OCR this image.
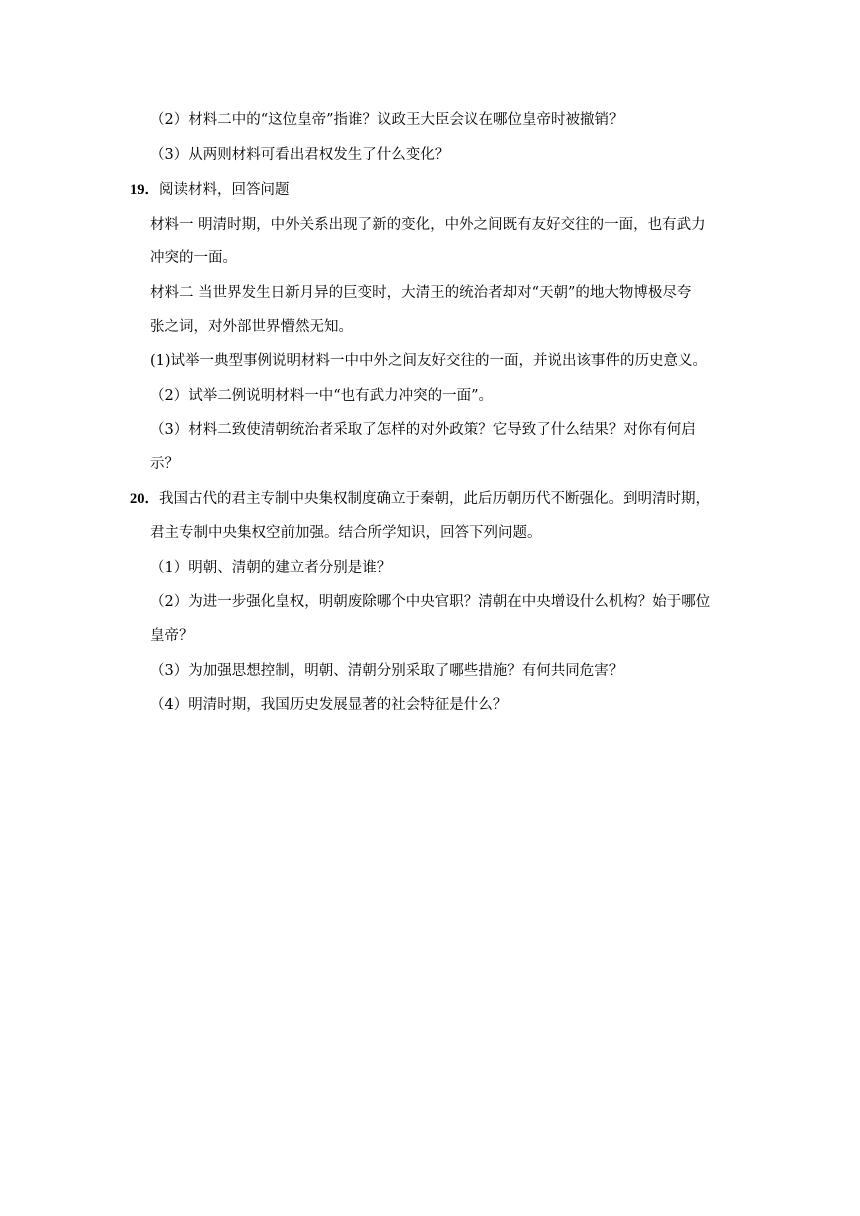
（2）材料二中的“这位皇帝”指谁？议政王大臣会议在哪位皇帝时被撤销？
（3）从两则材料可看出君权发生了什么变化？
19．阅读材料，回答问题
材料一 明清时期，中外关系出现了新的变化，中外之间既有友好交往的一面，也有武力
冲突的一面。
材料二 当世界发生日新月异的巨变时，大清王的统治者却对“天朝”的地大物博极尽夸
张之词，对外部世界懵然无知。
(1)试举一典型事例说明材料一中中外之间友好交往的一面，并说出该事件的历史意义。
（2）试举二例说明材料一中“也有武力冲突的一面”。
（3）材料二致使清朝统治者采取了怎样的对外政策？它导致了什么结果？对你有何启
示？
20．我国古代的君主专制中央集权制度确立于秦朝，此后历朝历代不断强化。到明清时期，
君主专制中央集权空前加强。结合所学知识，回答下列问题。
（1）明朝、清朝的建立者分别是谁？
（2）为进一步强化皇权，明朝废除哪个中央官职？清朝在中央增设什么机构？始于哪位
皇帝？
（3）为加强思想控制，明朝、清朝分别采取了哪些措施？有何共同危害？
（4）明清时期，我国历史发展显著的社会特征是什么？
